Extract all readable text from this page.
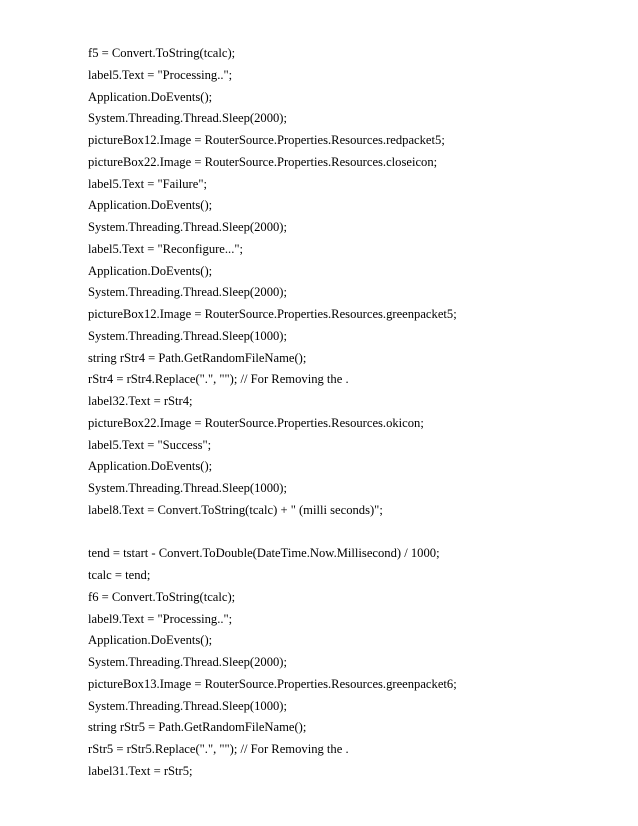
f5 = Convert.ToString(tcalc);
label5.Text = "Processing..";
Application.DoEvents();
System.Threading.Thread.Sleep(2000);
pictureBox12.Image = RouterSource.Properties.Resources.redpacket5;
pictureBox22.Image = RouterSource.Properties.Resources.closeicon;
label5.Text = "Failure";
Application.DoEvents();
System.Threading.Thread.Sleep(2000);
label5.Text = "Reconfigure...";
Application.DoEvents();
System.Threading.Thread.Sleep(2000);
pictureBox12.Image = RouterSource.Properties.Resources.greenpacket5;
System.Threading.Thread.Sleep(1000);
string rStr4 = Path.GetRandomFileName();
rStr4 = rStr4.Replace(".", ""); // For Removing the .
label32.Text = rStr4;
pictureBox22.Image = RouterSource.Properties.Resources.okicon;
label5.Text = "Success";
Application.DoEvents();
System.Threading.Thread.Sleep(1000);
label8.Text = Convert.ToString(tcalc) + " (milli seconds)";
tend = tstart - Convert.ToDouble(DateTime.Now.Millisecond) / 1000;
tcalc = tend;
f6 = Convert.ToString(tcalc);
label9.Text = "Processing..";
Application.DoEvents();
System.Threading.Thread.Sleep(2000);
pictureBox13.Image = RouterSource.Properties.Resources.greenpacket6;
System.Threading.Thread.Sleep(1000);
string rStr5 = Path.GetRandomFileName();
rStr5 = rStr5.Replace(".", ""); // For Removing the .
label31.Text = rStr5;
